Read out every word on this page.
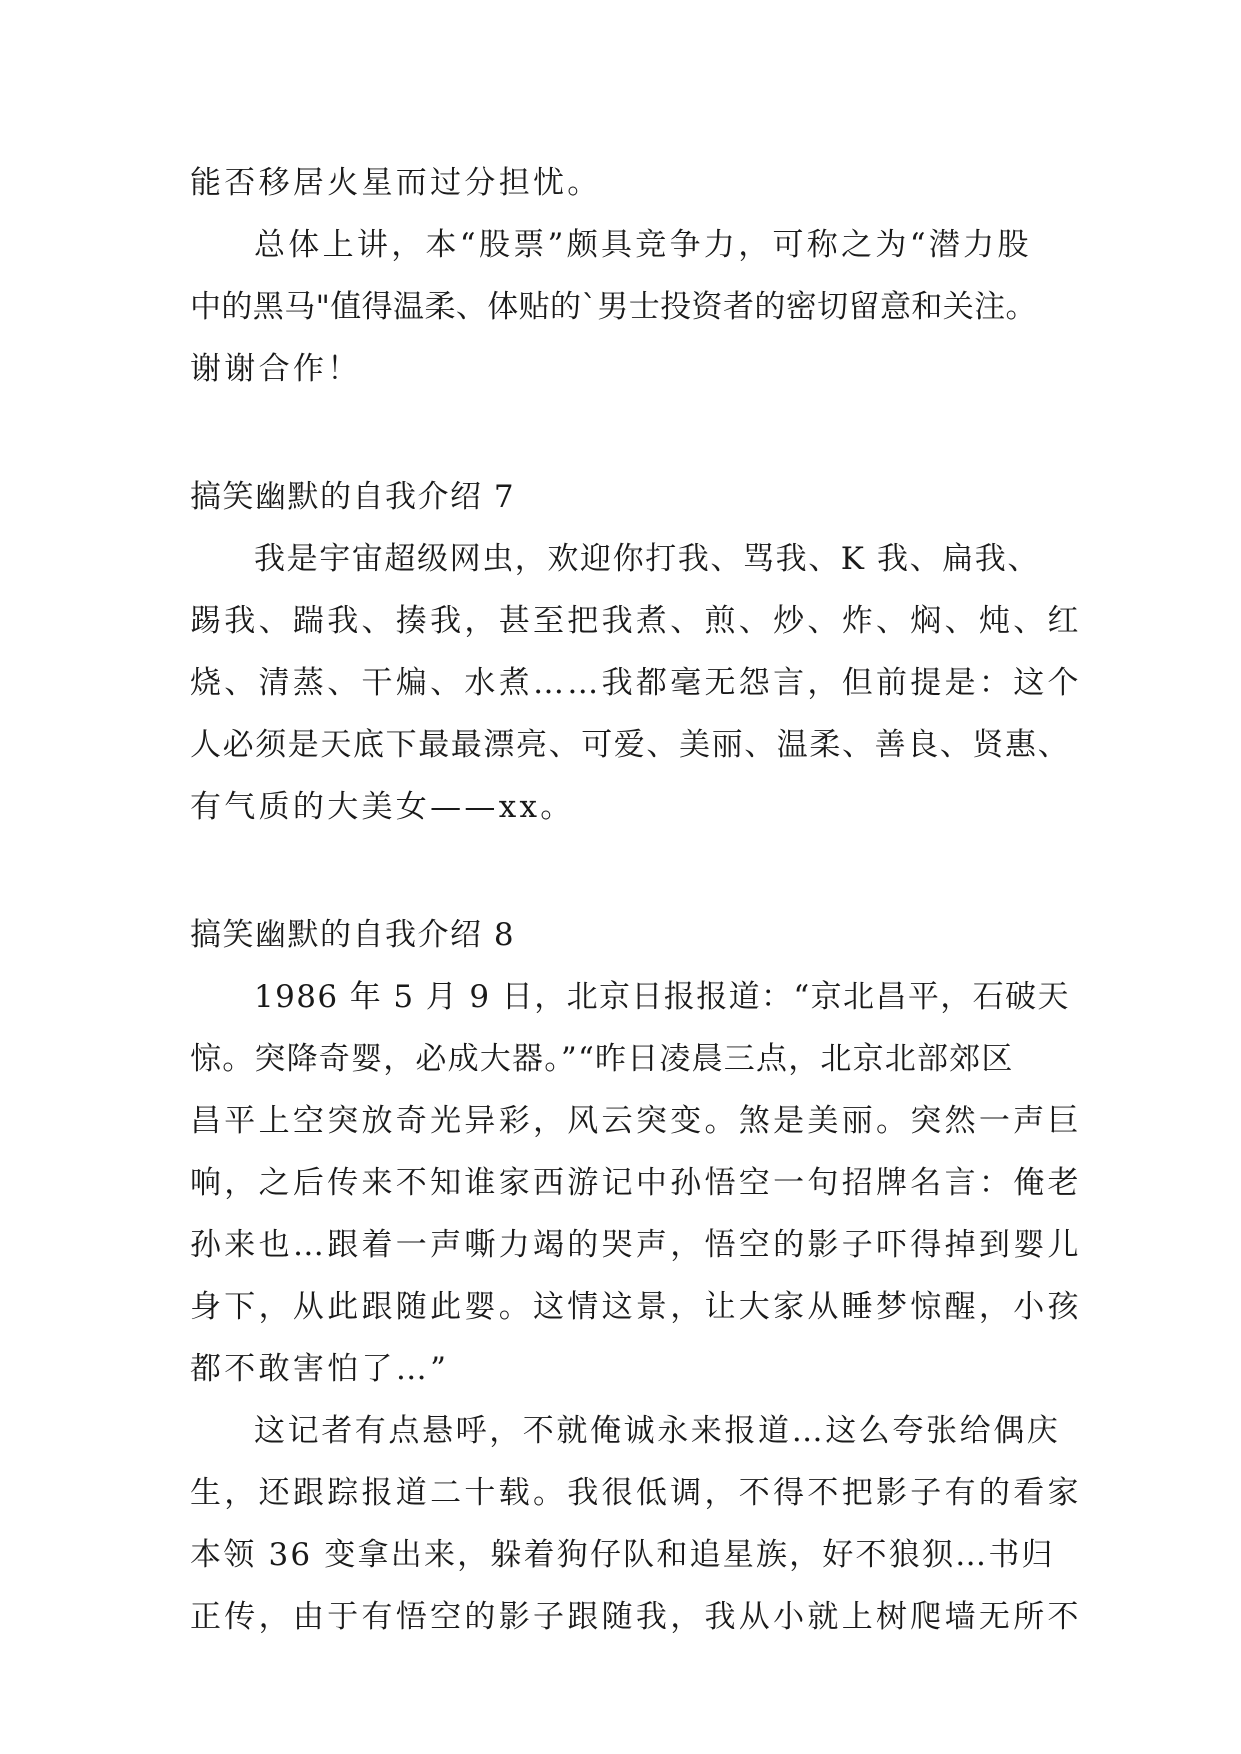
能否移居火星而过分担忧。
总体上讲，本“股票”颇具竞争力，可称之为“潜力股
中的黑马"值得温柔、体贴的`男士投资者的密切留意和关注。
谢谢合作！
搞笑幽默的自我介绍 7
我是宇宙超级网虫，欢迎你打我、骂我、K 我、扁我、
踢我、踹我、揍我，甚至把我煮、煎、炒、炸、焖、炖、红
烧、清蒸、干煸、水煮……我都毫无怨言，但前提是：这个
人必须是天底下最最漂亮、可爱、美丽、温柔、善良、贤惠、
有气质的大美女——xx。
搞笑幽默的自我介绍 8
1986 年 5 月 9 日，北京日报报道：“京北昌平，石破天
惊。突降奇婴，必成大器。”“昨日凌晨三点，北京北部郊区
昌平上空突放奇光异彩，风云突变。煞是美丽。突然一声巨
响，之后传来不知谁家西游记中孙悟空一句招牌名言：俺老
孙来也…跟着一声嘶力竭的哭声，悟空的影子吓得掉到婴儿
身下，从此跟随此婴。这情这景，让大家从睡梦惊醒，小孩
都不敢害怕了…”
这记者有点悬呼，不就俺诚永来报道…这么夸张给偶庆
生，还跟踪报道二十载。我很低调，不得不把影子有的看家
本领 36 变拿出来，躲着狗仔队和追星族，好不狼狈…书归
正传，由于有悟空的影子跟随我，我从小就上树爬墙无所不
